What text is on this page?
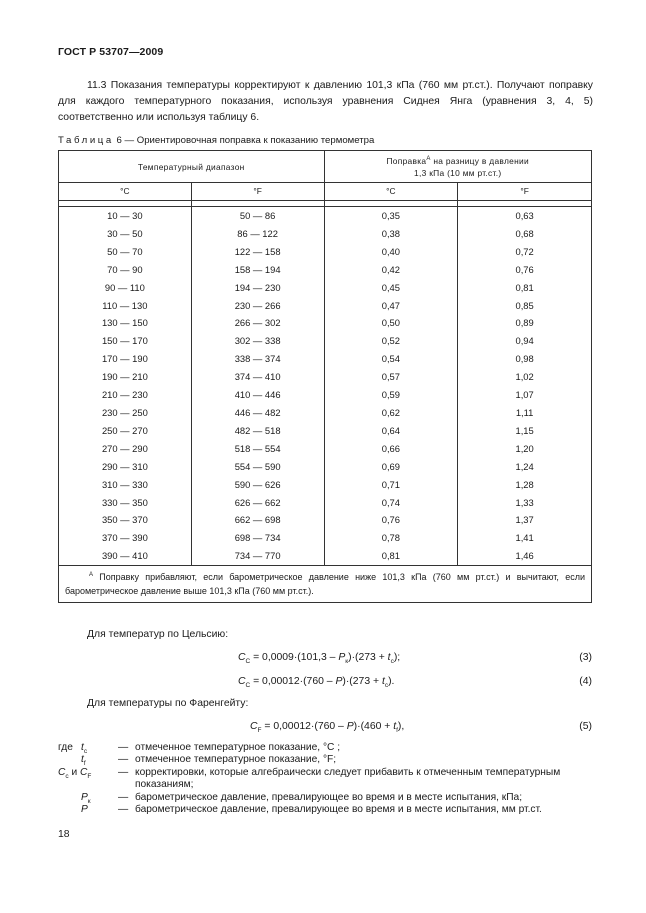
ГОСТ Р 53707—2009
11.3 Показания температуры корректируют к давлению 101,3 кПа (760 мм рт.ст.). Получают поправку для каждого температурного показания, используя уравнения Сиднея Янга (уравнения 3, 4, 5) соответственно или используя таблицу 6.
Таблица 6 — Ориентировочная поправка к показанию термометра
Температурный диапазон		Поправка$^А$ на разницу в давлении
1,3 кПа (10 мм рт.ст.)	
°С	°F	°С	°F

10 — 30	50 — 86	0,35	0,63
30 — 50	86 — 122	0,38	0,68
50 — 70	122 — 158	0,40	0,72
70 — 90	158 — 194	0,42	0,76
90 — 110	194 — 230	0,45	0,81
110 — 130	230 — 266	0,47	0,85
130 — 150	266 — 302	0,50	0,89
150 — 170	302 — 338	0,52	0,94
170 — 190	338 — 374	0,54	0,98
190 — 210	374 — 410	0,57	1,02
210 — 230	410 — 446	0,59	1,07
230 — 250	446 — 482	0,62	1,11
250 — 270	482 — 518	0,64	1,15
270 — 290	518 — 554	0,66	1,20
290 — 310	554 — 590	0,69	1,24
310 — 330	590 — 626	0,71	1,28
330 — 350	626 — 662	0,74	1,33
350 — 370	662 — 698	0,76	1,37
370 — 390	698 — 734	0,78	1,41
390 — 410	734 — 770	0,81	1,46
$^А$ Поправку прибавляют, если барометрическое давление ниже 101,3 кПа (760 мм рт.ст.) и вычитают, если барометрическое давление выше 101,3 кПа (760 мм рт.ст.).			
Для температур по Цельсию:
$C_C = 0,0009\cdot(101,3 - P_к)\cdot(273 + t_c)$;	(3)
$C_C = 0,00012\cdot(760 - P)\cdot(273 + t_c)$.	(4)
Для температуры по Фаренгейту:
$C_F = 0,00012\cdot(760 - P)\cdot(460 + t_f)$,	(5)
где $t_c$	— отмеченное температурное показание, °С ;
$t_f$	— отмеченное температурное показание, °F;
$C_c$ и $C_F$	— корректировки, которые алгебраически следует прибавить к отмеченным температурным
показаниям;
$P_к$	— барометрическое давление, превалирующее во время и в месте испытания, кПа;
P	— барометрическое давление, превалирующее во время и в месте испытания, мм рт.ст.
18
